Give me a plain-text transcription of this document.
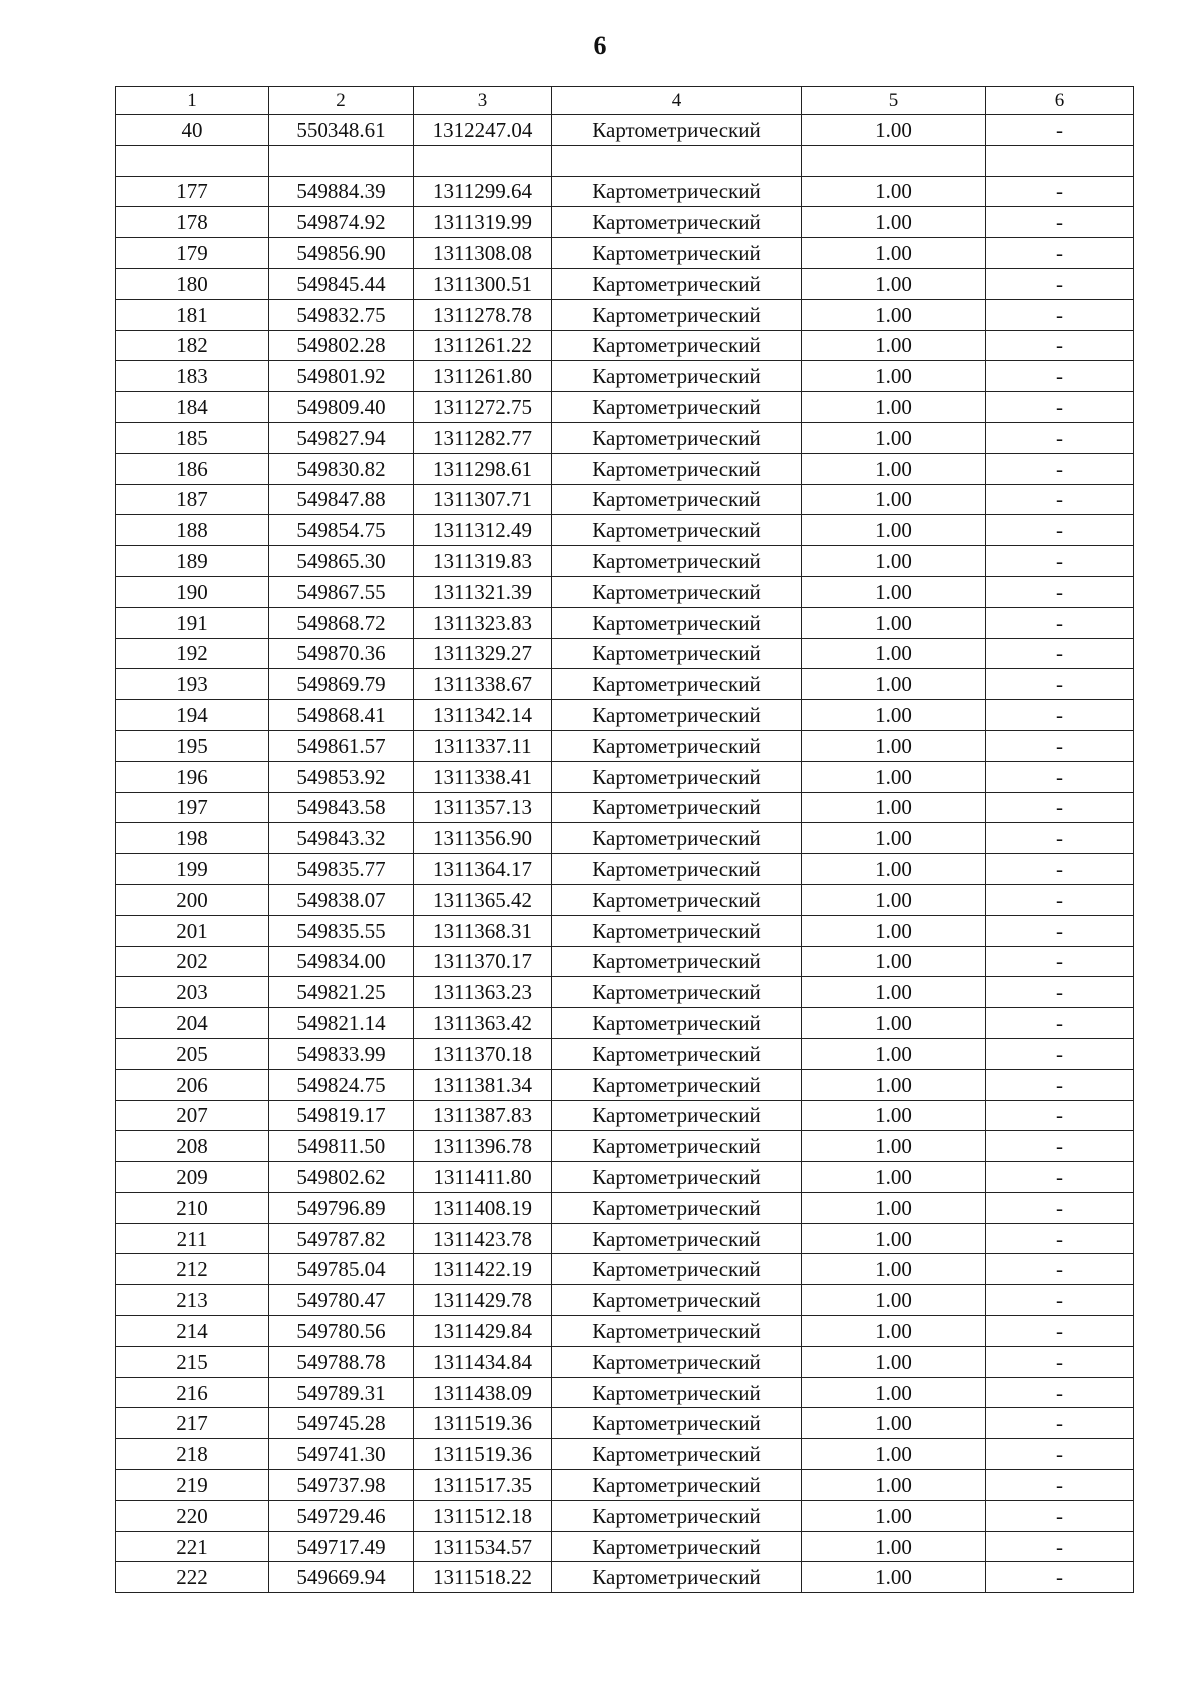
6
1	2	3	4	5	6
40	550348.61	1312247.04	Картометрический	1.00	-

177	549884.39	1311299.64	Картометрический	1.00	-
178	549874.92	1311319.99	Картометрический	1.00	-
179	549856.90	1311308.08	Картометрический	1.00	-
180	549845.44	1311300.51	Картометрический	1.00	-
181	549832.75	1311278.78	Картометрический	1.00	-
182	549802.28	1311261.22	Картометрический	1.00	-
183	549801.92	1311261.80	Картометрический	1.00	-
184	549809.40	1311272.75	Картометрический	1.00	-
185	549827.94	1311282.77	Картометрический	1.00	-
186	549830.82	1311298.61	Картометрический	1.00	-
187	549847.88	1311307.71	Картометрический	1.00	-
188	549854.75	1311312.49	Картометрический	1.00	-
189	549865.30	1311319.83	Картометрический	1.00	-
190	549867.55	1311321.39	Картометрический	1.00	-
191	549868.72	1311323.83	Картометрический	1.00	-
192	549870.36	1311329.27	Картометрический	1.00	-
193	549869.79	1311338.67	Картометрический	1.00	-
194	549868.41	1311342.14	Картометрический	1.00	-
195	549861.57	1311337.11	Картометрический	1.00	-
196	549853.92	1311338.41	Картометрический	1.00	-
197	549843.58	1311357.13	Картометрический	1.00	-
198	549843.32	1311356.90	Картометрический	1.00	-
199	549835.77	1311364.17	Картометрический	1.00	-
200	549838.07	1311365.42	Картометрический	1.00	-
201	549835.55	1311368.31	Картометрический	1.00	-
202	549834.00	1311370.17	Картометрический	1.00	-
203	549821.25	1311363.23	Картометрический	1.00	-
204	549821.14	1311363.42	Картометрический	1.00	-
205	549833.99	1311370.18	Картометрический	1.00	-
206	549824.75	1311381.34	Картометрический	1.00	-
207	549819.17	1311387.83	Картометрический	1.00	-
208	549811.50	1311396.78	Картометрический	1.00	-
209	549802.62	1311411.80	Картометрический	1.00	-
210	549796.89	1311408.19	Картометрический	1.00	-
211	549787.82	1311423.78	Картометрический	1.00	-
212	549785.04	1311422.19	Картометрический	1.00	-
213	549780.47	1311429.78	Картометрический	1.00	-
214	549780.56	1311429.84	Картометрический	1.00	-
215	549788.78	1311434.84	Картометрический	1.00	-
216	549789.31	1311438.09	Картометрический	1.00	-
217	549745.28	1311519.36	Картометрический	1.00	-
218	549741.30	1311519.36	Картометрический	1.00	-
219	549737.98	1311517.35	Картометрический	1.00	-
220	549729.46	1311512.18	Картометрический	1.00	-
221	549717.49	1311534.57	Картометрический	1.00	-
222	549669.94	1311518.22	Картометрический	1.00	-
